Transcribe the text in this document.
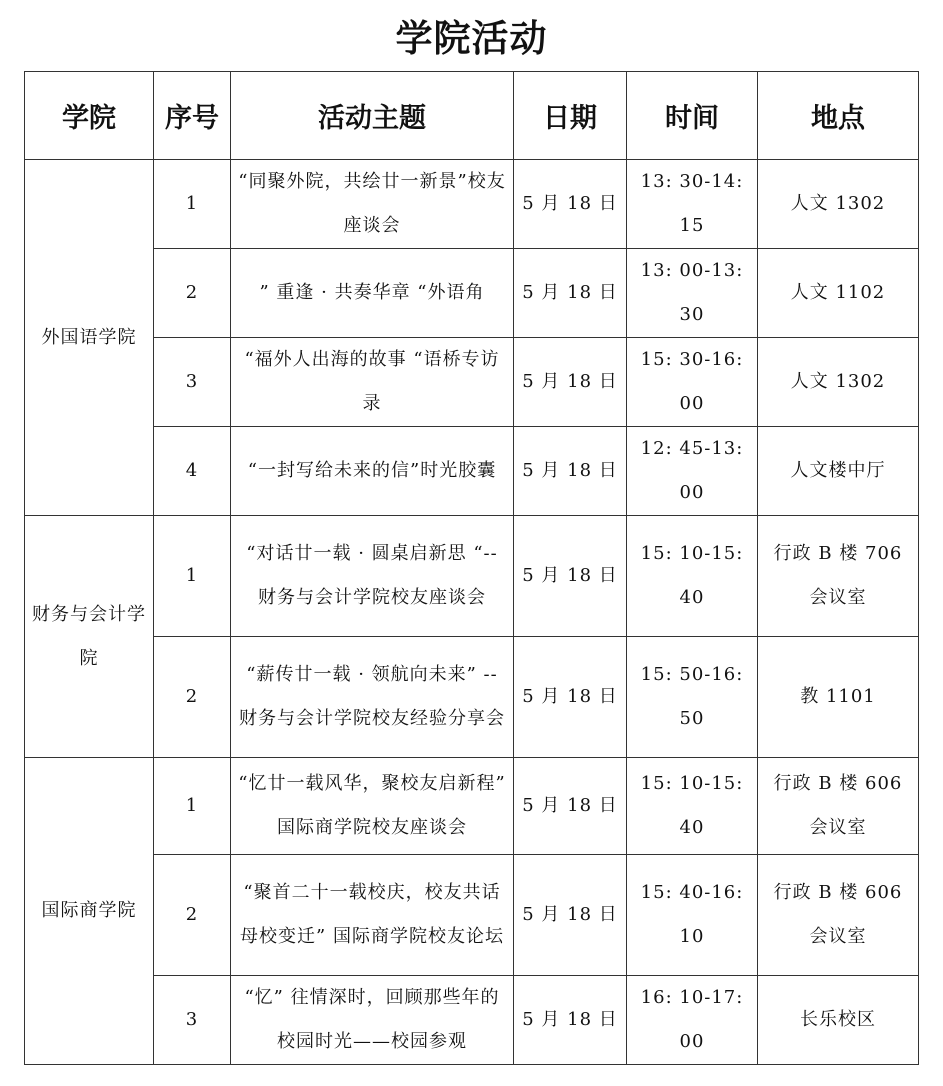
学院活动
学院	序号	活动主题	日期	时间	地点
外国语学院	1	“同聚外院，共绘廿一新景”校友座谈会	5 月 18 日	13: 30-14: 15	人文 1302
	2	” 重逢 · 共奏华章 “外语角	5 月 18 日	13: 00-13: 30	人文 1102
	3	“福外人出海的故事 “语桥专访录	5 月 18 日	15: 30-16: 00	人文 1302
	4	“一封写给未来的信”时光胶囊	5 月 18 日	12: 45-13: 00	人文楼中厅
财务与会计学院	1	“对话廿一载 · 圆桌启新思 “--财务与会计学院校友座谈会	5 月 18 日	15: 10-15: 40	行政 B 楼 706 会议室
	2	“薪传廿一载 · 领航向未来” --财务与会计学院校友经验分享会	5 月 18 日	15: 50-16: 50	教 1101
国际商学院	1	“忆廿一载风华，聚校友启新程” 国际商学院校友座谈会	5 月 18 日	15: 10-15: 40	行政 B 楼 606 会议室
	2	“聚首二十一载校庆，校友共话母校变迁” 国际商学院校友论坛	5 月 18 日	15: 40-16: 10	行政 B 楼 606 会议室
	3	“忆” 往情深时，回顾那些年的校园时光——校园参观	5 月 18 日	16: 10-17: 00	长乐校区
